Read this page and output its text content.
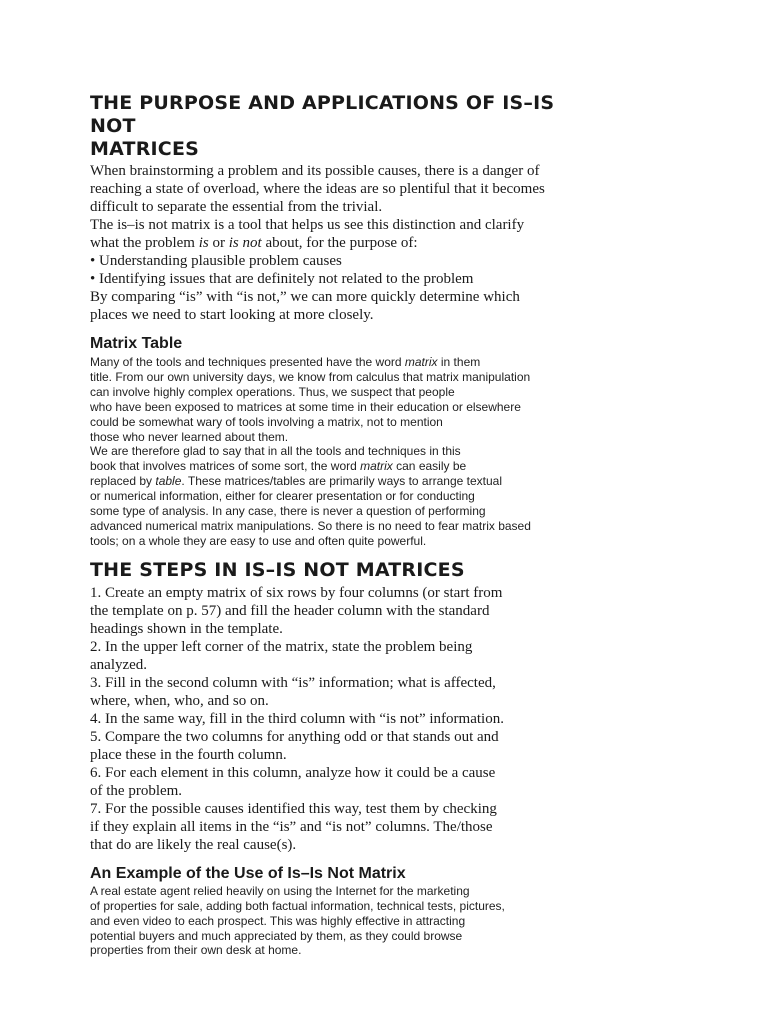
THE PURPOSE AND APPLICATIONS OF IS–IS NOT
MATRICES

When brainstorming a problem and its possible causes, there is a danger of

reaching a state of overload, where the ideas are so plentiful that it becomes

difficult to separate the essential from the trivial.

The is–is not matrix is a tool that helps us see this distinction and clarify

what the problem is or is not about, for the purpose of:

• Understanding plausible problem causes

• Identifying issues that are definitely not related to the problem

By comparing “is” with “is not,” we can more quickly determine which

places we need to start looking at more closely.

Matrix Table

Many of the tools and techniques presented have the word matrix in them

title. From our own university days, we know from calculus that matrix manipulation

can involve highly complex operations. Thus, we suspect that people

who have been exposed to matrices at some time in their education or elsewhere

could be somewhat wary of tools involving a matrix, not to mention

those who never learned about them.

We are therefore glad to say that in all the tools and techniques in this

book that involves matrices of some sort, the word matrix can easily be

replaced by table. These matrices/tables are primarily ways to arrange textual

or numerical information, either for clearer presentation or for conducting

some type of analysis. In any case, there is never a question of performing

advanced numerical matrix manipulations. So there is no need to fear matrix based

tools; on a whole they are easy to use and often quite powerful.

THE STEPS IN IS–IS NOT MATRICES

1. Create an empty matrix of six rows by four columns (or start from

the template on p. 57) and fill the header column with the standard

headings shown in the template.

2. In the upper left corner of the matrix, state the problem being

analyzed.

3. Fill in the second column with “is” information; what is affected,

where, when, who, and so on.

4. In the same way, fill in the third column with “is not” information.

5. Compare the two columns for anything odd or that stands out and

place these in the fourth column.

6. For each element in this column, analyze how it could be a cause

of the problem.

7. For the possible causes identified this way, test them by checking

if they explain all items in the “is” and “is not” columns. The/those

that do are likely the real cause(s).

An Example of the Use of Is–Is Not Matrix

A real estate agent relied heavily on using the Internet for the marketing

of properties for sale, adding both factual information, technical tests, pictures,

and even video to each prospect. This was highly effective in attracting

potential buyers and much appreciated by them, as they could browse

properties from their own desk at home.
